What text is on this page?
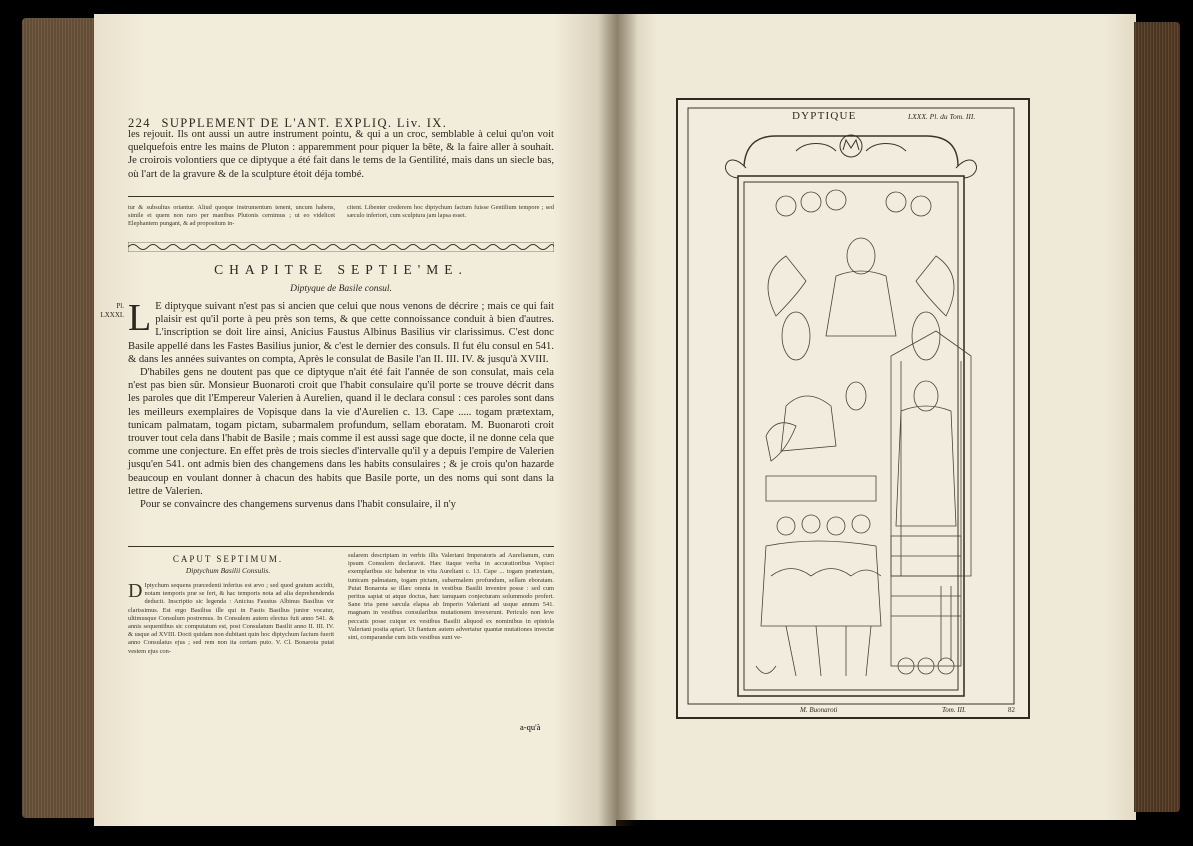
224 SUPPLEMENT DE L'ANT. EXPLIQ. Liv. IX.

les rejouit. Ils ont aussi un autre instrument pointu, & qui a un croc, semblable à celui qu'on voit quelquefois entre les mains de Pluton : apparemment pour piquer la bête, & la faire aller à souhait. Je croirois volontiers que ce diptyque a été fait dans le tems de la Gentilité, mais dans un siecle bas, où l'art de la gravure & de la sculpture étoit déja tombé.

tur & subsultus oriantur. Aliud quoque instrumentum tenent, uncum habens, simile ei quem non raro per manibus Plutonis cernimus ; ut eo videlicet Elephantem pungant, & ad propositum in-

citent. Libenter crederem hoc diptychum factum fuisse Gentilium tempore ; sed sæculo inferiori, cum sculptura jam lapsa esset.

CHAPITRE SEPTIE'ME.
Diptyque de Basile consul.
Pl.
LXXXI. L E diptyque suivant n'est pas si ancien que celui que nous venons de décrire ; mais ce qui fait plaisir est qu'il porte à peu près son tems, & que cette connoissance conduit à bien d'autres. L'inscription se doit lire ainsi, Anicius Faustus Albinus Basilius vir clarissimus. C'est donc Basile appellé dans les Fastes Basilius junior, & c'est le dernier des consuls. Il fut élu consul en 541. & dans les années suivantes on compta, Après le consulat de Basile l'an II. III. IV. & jusqu'à XVIII.

D'habiles gens ne doutent pas que ce diptyque n'ait été fait l'année de son consulat, mais cela n'est pas bien sûr. Monsieur Buonaroti croit que l'habit consulaire qu'il porte se trouve décrit dans les paroles que dit l'Empereur Valerien à Aurelien, quand il le declara consul : ces paroles sont dans les meilleurs exemplaires de Vopisque dans la vie d'Aurelien c. 13. Cape ..... togam prætextam, tunicam palmatam, togam pictam, subarmalem profundum, sellam eboratam. M. Buonaroti croit trouver tout cela dans l'habit de Basile ; mais comme il est aussi sage que docte, il ne donne cela que comme une conjecture. En effet près de trois siecles d'intervalle qu'il y a depuis l'empire de Valerien jusqu'en 541. ont admis bien des changemens dans les habits consulaires ; & je crois qu'on hazarde beaucoup en voulant donner à chacun des habits que Basile porte, un des noms qui sont dans la lettre de Valerien.

Pour se convaincre des changemens survenus dans l'habit consulaire, il n'y

D Iptychum sequens præcedenti inferius est ævo ; sed quod gratum accidit, notam temporis præ se fert, & hac temporis nota ad alia deprehendenda deducit. Inscriptio sic legenda : Anicius Faustus Albinus Basilius vir clarissimus. Est ergo Basilius ille qui in Fastis Basilius junior vocatur, ultimusque Consulum postremus. In Consulem autem electus fuit anno 541. & annis sequentibus sic computatum est, post Consulatum Basilii anno II. III. IV. & usque ad XVIII. Docti quidam non dubitant quin hoc diptychum factum fuerit anno Consulatus ejus ; sed rem non ita certam puto. V. Cl. Bonarota putat vestem ejus con-

sularem descriptam in verbis illis Valeriani Imperatoris ad Aurelianum, cum ipsum Consulem declaravit. Hæc itaque verba in accuratioribus Vopisci exemplaribus sic habentur in vita Aureliani c. 13. Cape ... togam prætextam, tunicam palmatam, togam pictam, subarmalem profundum, sellam eboratam. Putat Bonarota se illæc omnia in vestibus Basilii invenire posse : sed cum peritus sapiat ut atque doctus, hæc tamquam conjecturam solummodo profert. Sane tria pene sæcula elapsa ab Imperio Valeriani ad usque annum 541. magnam in vestibus consularibus mutationem invexerunt. Periculo non leve peccatis posse cuique ex vestibus Basilii aliquod ex nominibus in epistola Valeriani posita aptari. Ut fiantum autem advertatur quantæ mutationes invectæ sint, comparandæ cum istis vestibus sunt ve-

CAPUT SEPTIMUM.
Diptychum Basilii Consulis.
a-qu'à
DYPTIQUE	LXXX. Pl. du Tom. III.
M. Buonaroti	Tom. III.	82
